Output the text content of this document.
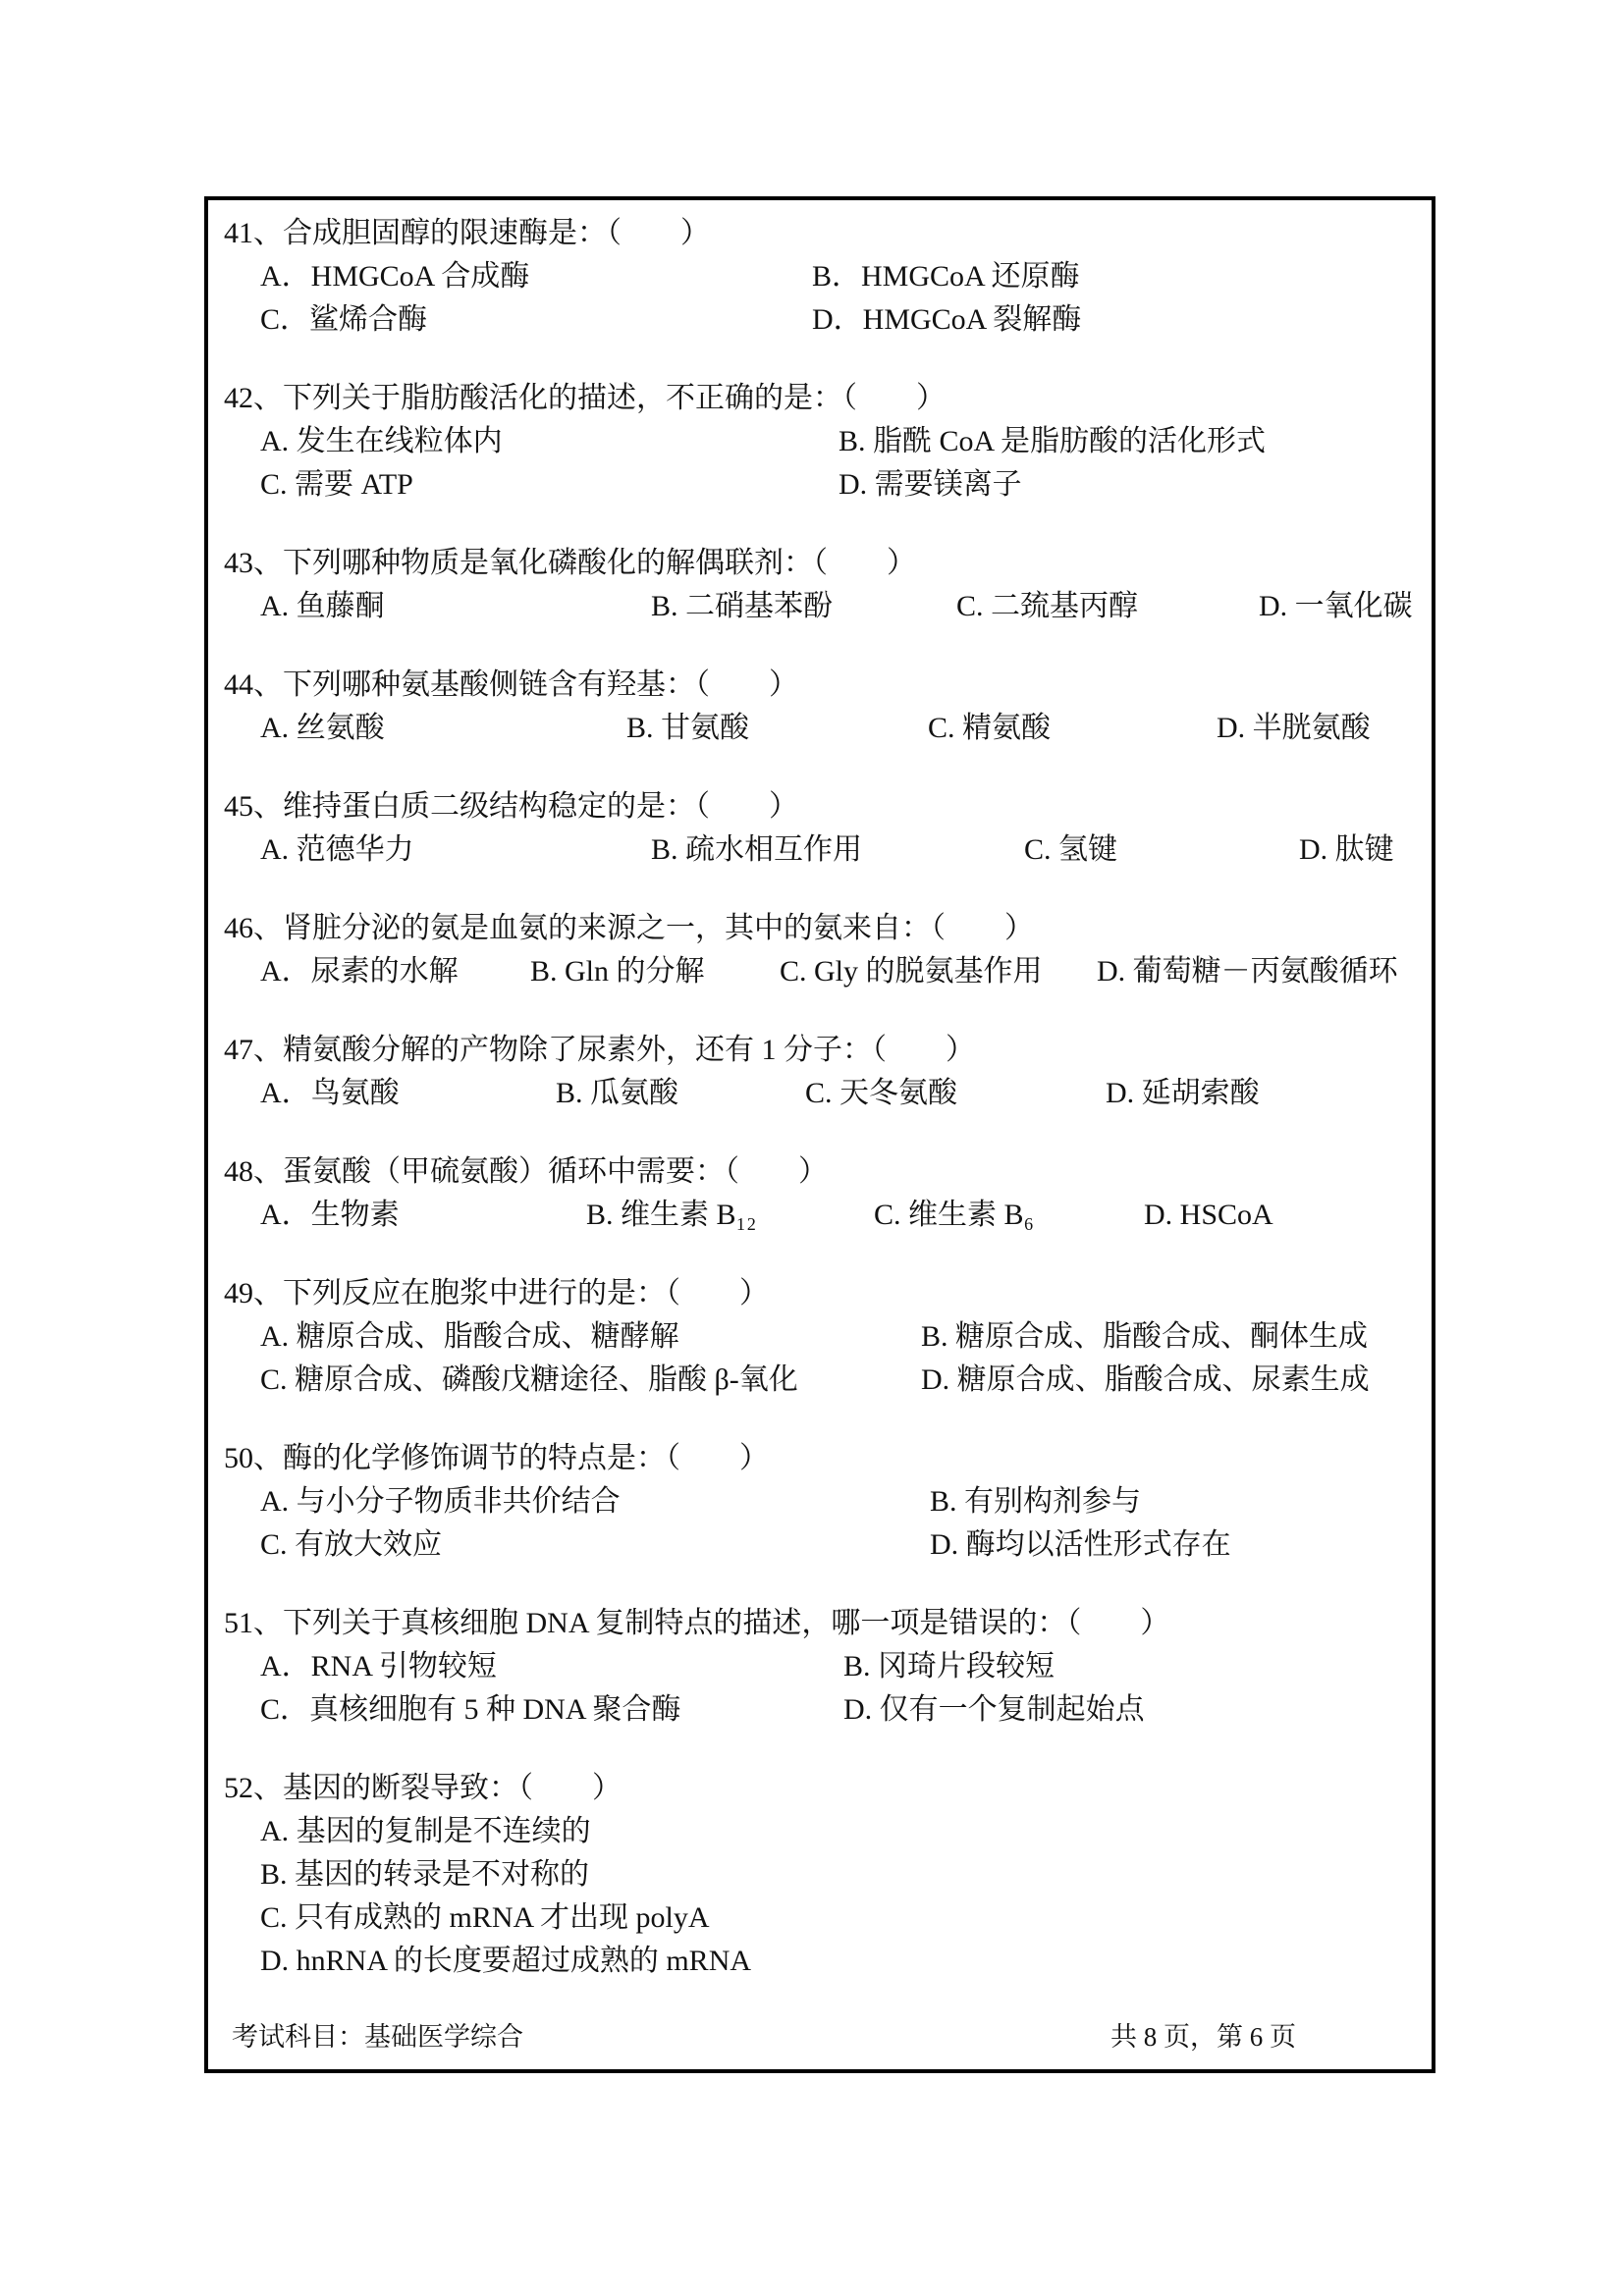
41、合成胆固醇的限速酶是：（　　）
A．HMGCoA 合成酶	B．HMGCoA 还原酶
C．鲨烯合酶	D．HMGCoA 裂解酶
42、下列关于脂肪酸活化的描述，不正确的是：（　　）
A. 发生在线粒体内	B. 脂酰 CoA 是脂肪酸的活化形式
C. 需要 ATP	D. 需要镁离子
43、下列哪种物质是氧化磷酸化的解偶联剂：（　　）
A. 鱼藤酮	B. 二硝基苯酚	C. 二巯基丙醇	D. 一氧化碳
44、下列哪种氨基酸侧链含有羟基：（　　）
A. 丝氨酸	B. 甘氨酸	C. 精氨酸	D. 半胱氨酸
45、维持蛋白质二级结构稳定的是：（　　）
A. 范德华力	B. 疏水相互作用	C. 氢键	D. 肽键
46、肾脏分泌的氨是血氨的来源之一，其中的氨来自：（　　）
A．尿素的水解	B. Gln 的分解	C. Gly 的脱氨基作用	D. 葡萄糖－丙氨酸循环
47、精氨酸分解的产物除了尿素外，还有 1 分子：（　　）
A．鸟氨酸	B. 瓜氨酸	C. 天冬氨酸	D. 延胡索酸
48、蛋氨酸（甲硫氨酸）循环中需要：（　　）
A．生物素	B. 维生素 B₁₂	C. 维生素 B₆	D. HSCoA
49、下列反应在胞浆中进行的是：（　　）
A. 糖原合成、脂酸合成、糖酵解	B. 糖原合成、脂酸合成、酮体生成
C. 糖原合成、磷酸戊糖途径、脂酸 β-氧化	D. 糖原合成、脂酸合成、尿素生成
50、酶的化学修饰调节的特点是：（　　）
A. 与小分子物质非共价结合	B. 有别构剂参与
C. 有放大效应	D. 酶均以活性形式存在
51、下列关于真核细胞 DNA 复制特点的描述，哪一项是错误的：（　　）
A．RNA 引物较短	B. 冈琦片段较短
C．真核细胞有 5 种 DNA 聚合酶	D. 仅有一个复制起始点
52、基因的断裂导致：（　　）
A. 基因的复制是不连续的
B. 基因的转录是不对称的
C. 只有成熟的 mRNA 才出现 polyA
D. hnRNA 的长度要超过成熟的 mRNA
考试科目：基础医学综合	共 8 页，第 6 页
